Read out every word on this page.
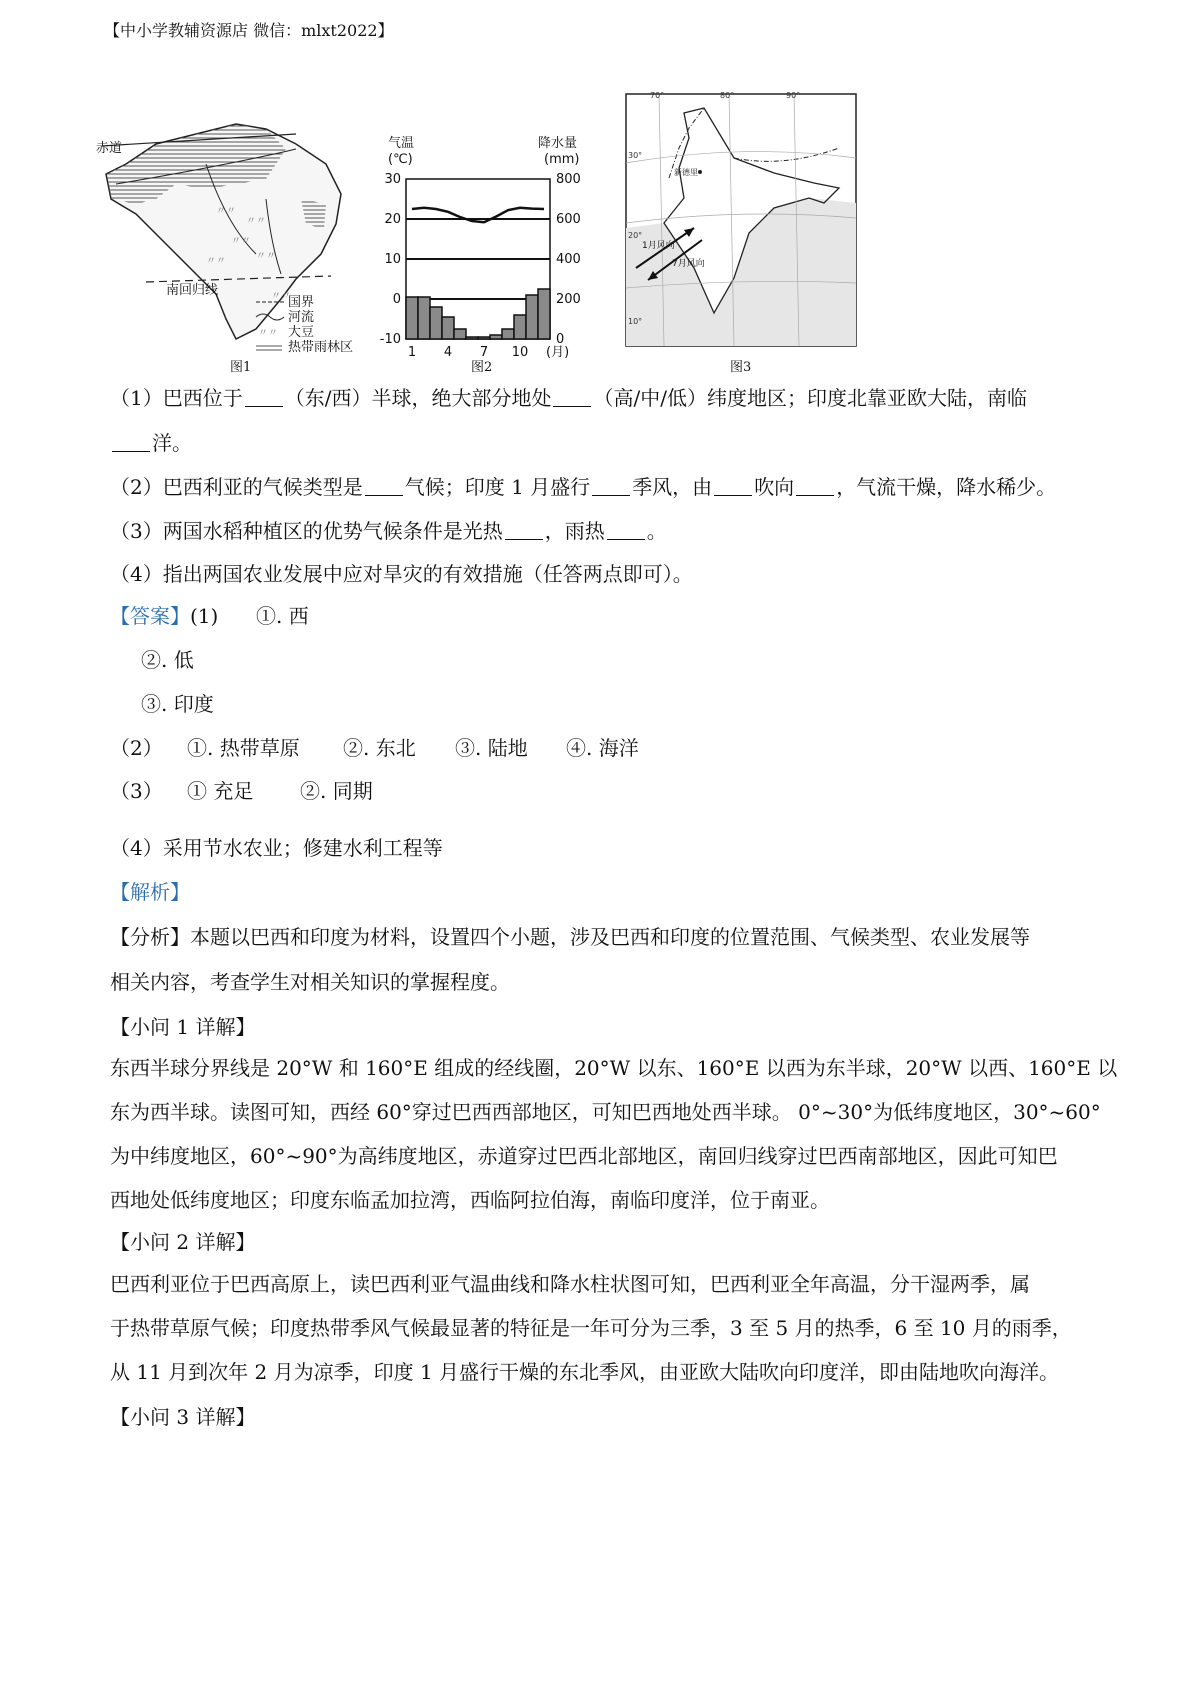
【中小学教辅资源店 微信：mlxt2022】
〃〃
〃〃
〃〃
〃〃
〃〃
〃〃
赤道
南回归线
国界
河流
〃〃 大豆
热带雨林区
图1
气温
(℃)
降水量
(mm)
(月)
30
20
10
0
-10
800
600
400
200
0
1 4 7 10
图2
70°	80°	90°
30°
20°
10°
新德里
1月风向
7月风向
图3
（1）巴西位于 （东/西）半球，绝大部分地处 （高/中/低）纬度地区；印度北靠亚欧大陆，南临
洋。
（2）巴西利亚的气候类型是 气候；印度 1 月盛行 季风，由 吹向 ，气流干燥，降水稀少。
（3）两国水稻种植区的优势气候条件是光热 ，雨热 。
（4）指出两国农业发展中应对旱灾的有效措施（任答两点即可）。
【答案】(1) ①. 西
②. 低
③. 印度
（2） ①. 热带草原 ②. 东北 ③. 陆地 ④. 海洋
（3） ① 充足 ②. 同期
（4）采用节水农业；修建水利工程等
【解析】
【分析】本题以巴西和印度为材料，设置四个小题，涉及巴西和印度的位置范围、气候类型、农业发展等
相关内容，考查学生对相关知识的掌握程度。
【小问 1 详解】
东西半球分界线是 20°W 和 160°E 组成的经线圈，20°W 以东、160°E 以西为东半球，20°W 以西、160°E 以
东为西半球。读图可知，西经 60°穿过巴西西部地区，可知巴西地处西半球。 0°~30°为低纬度地区，30°~60°
为中纬度地区，60°~90°为高纬度地区，赤道穿过巴西北部地区，南回归线穿过巴西南部地区，因此可知巴
西地处低纬度地区；印度东临孟加拉湾，西临阿拉伯海，南临印度洋，位于南亚。
【小问 2 详解】
巴西利亚位于巴西高原上，读巴西利亚气温曲线和降水柱状图可知，巴西利亚全年高温，分干湿两季，属
于热带草原气候；印度热带季风气候最显著的特征是一年可分为三季，3 至 5 月的热季，6 至 10 月的雨季，
从 11 月到次年 2 月为凉季，印度 1 月盛行干燥的东北季风，由亚欧大陆吹向印度洋，即由陆地吹向海洋。
【小问 3 详解】
